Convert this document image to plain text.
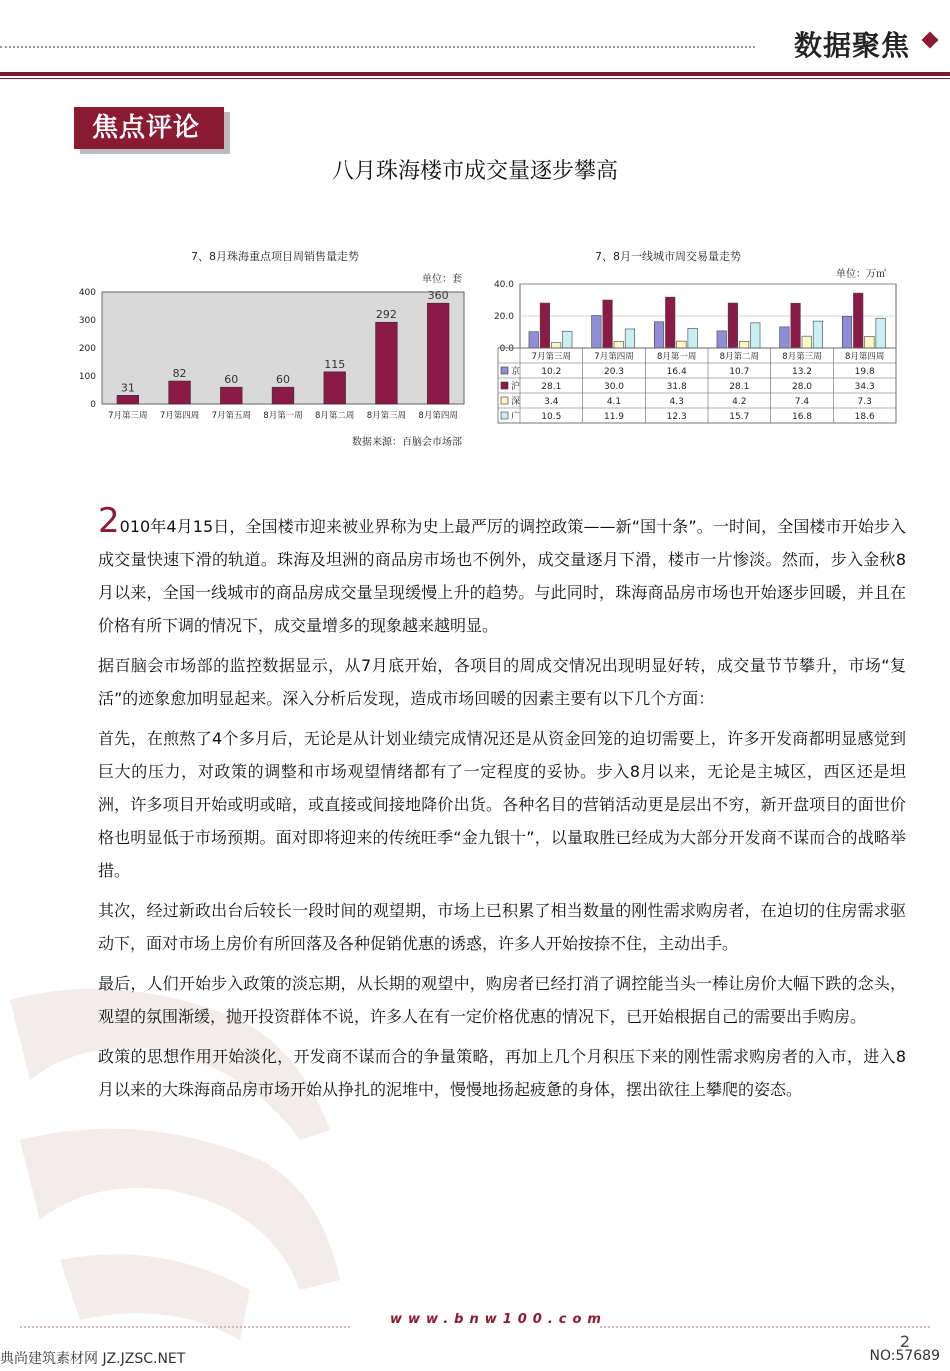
数据聚焦
焦点评论
八月珠海楼市成交量逐步攀高
7、8月珠海重点项目周销售量走势
单位：套
0
100
200
300
400
31
7月第三周
82
7月第四周
60
7月第五周
60
8月第一周
115
8月第二周
292
8月第三周
360
8月第四周
数据来源：百脑会市场部
7、8月一线城市周交易量走势
单位：万㎡
0.0
20.0
40.0
7月第三周	7月第四周	8月第一周	8月第二周	8月第三周	8月第四周
京 10.2	20.3	16.4	10.7	13.2	19.8
沪 28.1	30.0	31.8	28.1	28.0	34.3
深	3.4	4.1	4.3	4.2	7.4	7.3
广 10.5	11.9	12.3	15.7	16.8	18.6

2010年4月15日，全国楼市迎来被业界称为史上最严厉的调控政策——新“国十条”。一时间，全国楼市开始步入成交量快速下滑的轨道。珠海及坦洲的商品房市场也不例外，成交量逐月下滑，楼市一片惨淡。然而，步入金秋8月以来，全国一线城市的商品房成交量呈现缓慢上升的趋势。与此同时，珠海商品房市场也开始逐步回暖，并且在价格有所下调的情况下，成交量增多的现象越来越明显。

据百脑会市场部的监控数据显示，从7月底开始，各项目的周成交情况出现明显好转，成交量节节攀升，市场“复活”的迹象愈加明显起来。深入分析后发现，造成市场回暖的因素主要有以下几个方面：

首先，在煎熬了4个多月后，无论是从计划业绩完成情况还是从资金回笼的迫切需要上，许多开发商都明显感觉到巨大的压力，对政策的调整和市场观望情绪都有了一定程度的妥协。步入8月以来，无论是主城区，西区还是坦洲，许多项目开始或明或暗，或直接或间接地降价出货。各种名目的营销活动更是层出不穷，新开盘项目的面世价格也明显低于市场预期。面对即将迎来的传统旺季“金九银十”，以量取胜已经成为大部分开发商不谋而合的战略举措。

其次，经过新政出台后较长一段时间的观望期，市场上已积累了相当数量的刚性需求购房者，在迫切的住房需求驱动下，面对市场上房价有所回落及各种促销优惠的诱惑，许多人开始按捺不住，主动出手。

最后，人们开始步入政策的淡忘期，从长期的观望中，购房者已经打消了调控能当头一棒让房价大幅下跌的念头，观望的氛围渐缓，抛开投资群体不说，许多人在有一定价格优惠的情况下，已开始根据自己的需要出手购房。

政策的思想作用开始淡化，开发商不谋而合的争量策略，再加上几个月积压下来的刚性需求购房者的入市，进入8月以来的大珠海商品房市场开始从挣扎的泥堆中，慢慢地扬起疲惫的身体，摆出欲往上攀爬的姿态。

www.bnw100.com
2
典尚建筑素材网 JZ.JZSC.NET	NO:57689
